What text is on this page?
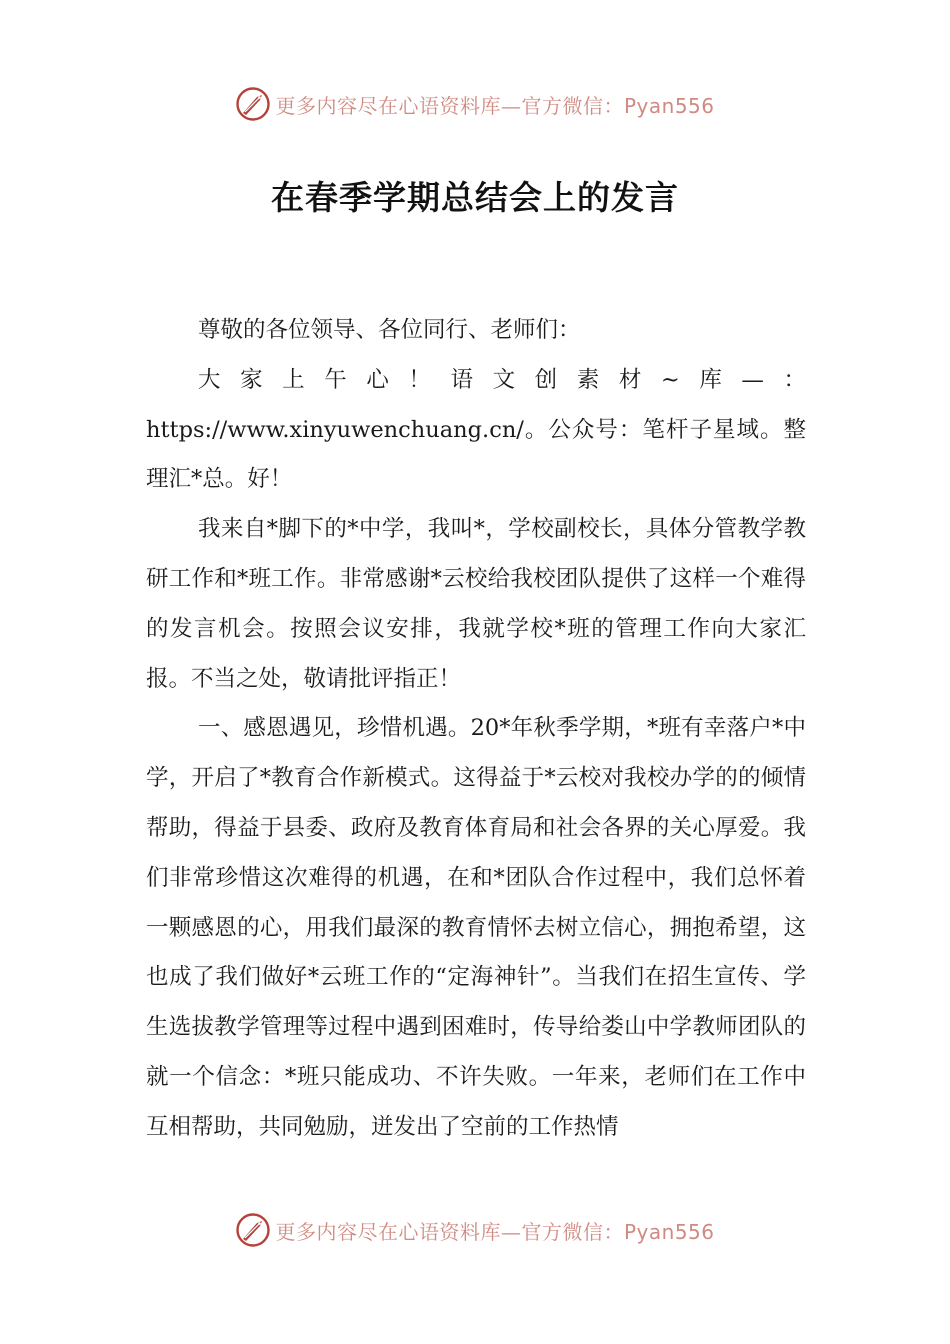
更多内容尽在心语资料库—官方微信：Pyan556
在春季学期总结会上的发言

尊敬的各位领导、各位同行、老师们：

大家上午心！语文创素材~库—：https://www.xinyuwenchuang.cn/。公众号：笔杆子星域。整理汇*总。好！

我来自*脚下的*中学，我叫*，学校副校长，具体分管教学教研工作和*班工作。非常感谢*云校给我校团队提供了这样一个难得的发言机会。按照会议安排，我就学校*班的管理工作向大家汇报。不当之处，敬请批评指正！

一、感恩遇见，珍惜机遇。20*年秋季学期，*班有幸落户*中学，开启了*教育合作新模式。这得益于*云校对我校办学的的倾情帮助，得益于县委、政府及教育体育局和社会各界的关心厚爱。我们非常珍惜这次难得的机遇，在和*团队合作过程中，我们总怀着一颗感恩的心，用我们最深的教育情怀去树立信心，拥抱希望，这也成了我们做好*云班工作的“定海神针”。当我们在招生宣传、学生选拔教学管理等过程中遇到困难时，传导给娄山中学教师团队的就一个信念：*班只能成功、不许失败。一年来，老师们在工作中互相帮助，共同勉励，迸发出了空前的工作热情

更多内容尽在心语资料库—官方微信：Pyan556
